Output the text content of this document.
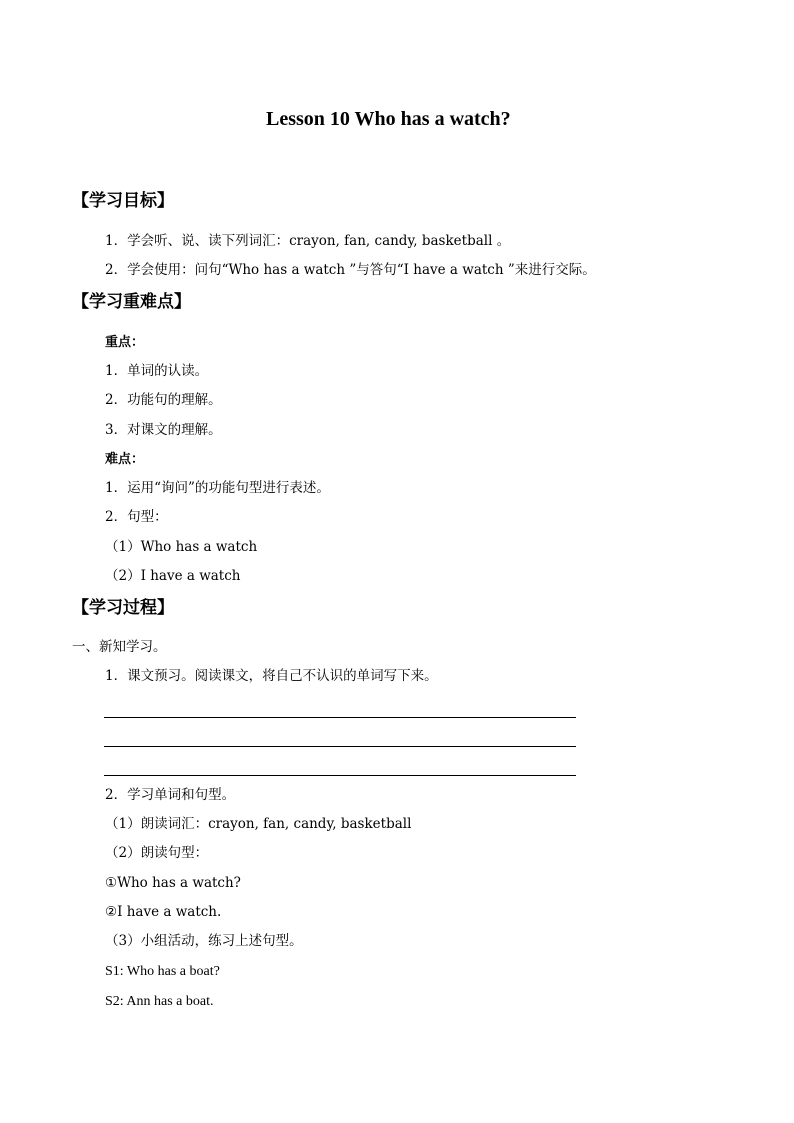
Lesson 10 Who has a watch?
【学习目标】
1．学会听、说、读下列词汇：crayon, fan, candy, basketball 。
2．学会使用：问句“Who has a watch ”与答句“I have a watch ”来进行交际。
【学习重难点】
重点：
1．单词的认读。
2．功能句的理解。
3．对课文的理解。
难点：
1．运用“询问”的功能句型进行表述。
2．句型：
（1）Who has a watch
（2）I have a watch
【学习过程】
一、新知学习。
1．课文预习。阅读课文，将自己不认识的单词写下来。
2．学习单词和句型。
（1）朗读词汇：crayon, fan, candy, basketball
（2）朗读句型：
①Who has a watch?
②I have a watch.
（3）小组活动，练习上述句型。
S1: Who has a boat?
S2: Ann has a boat.
